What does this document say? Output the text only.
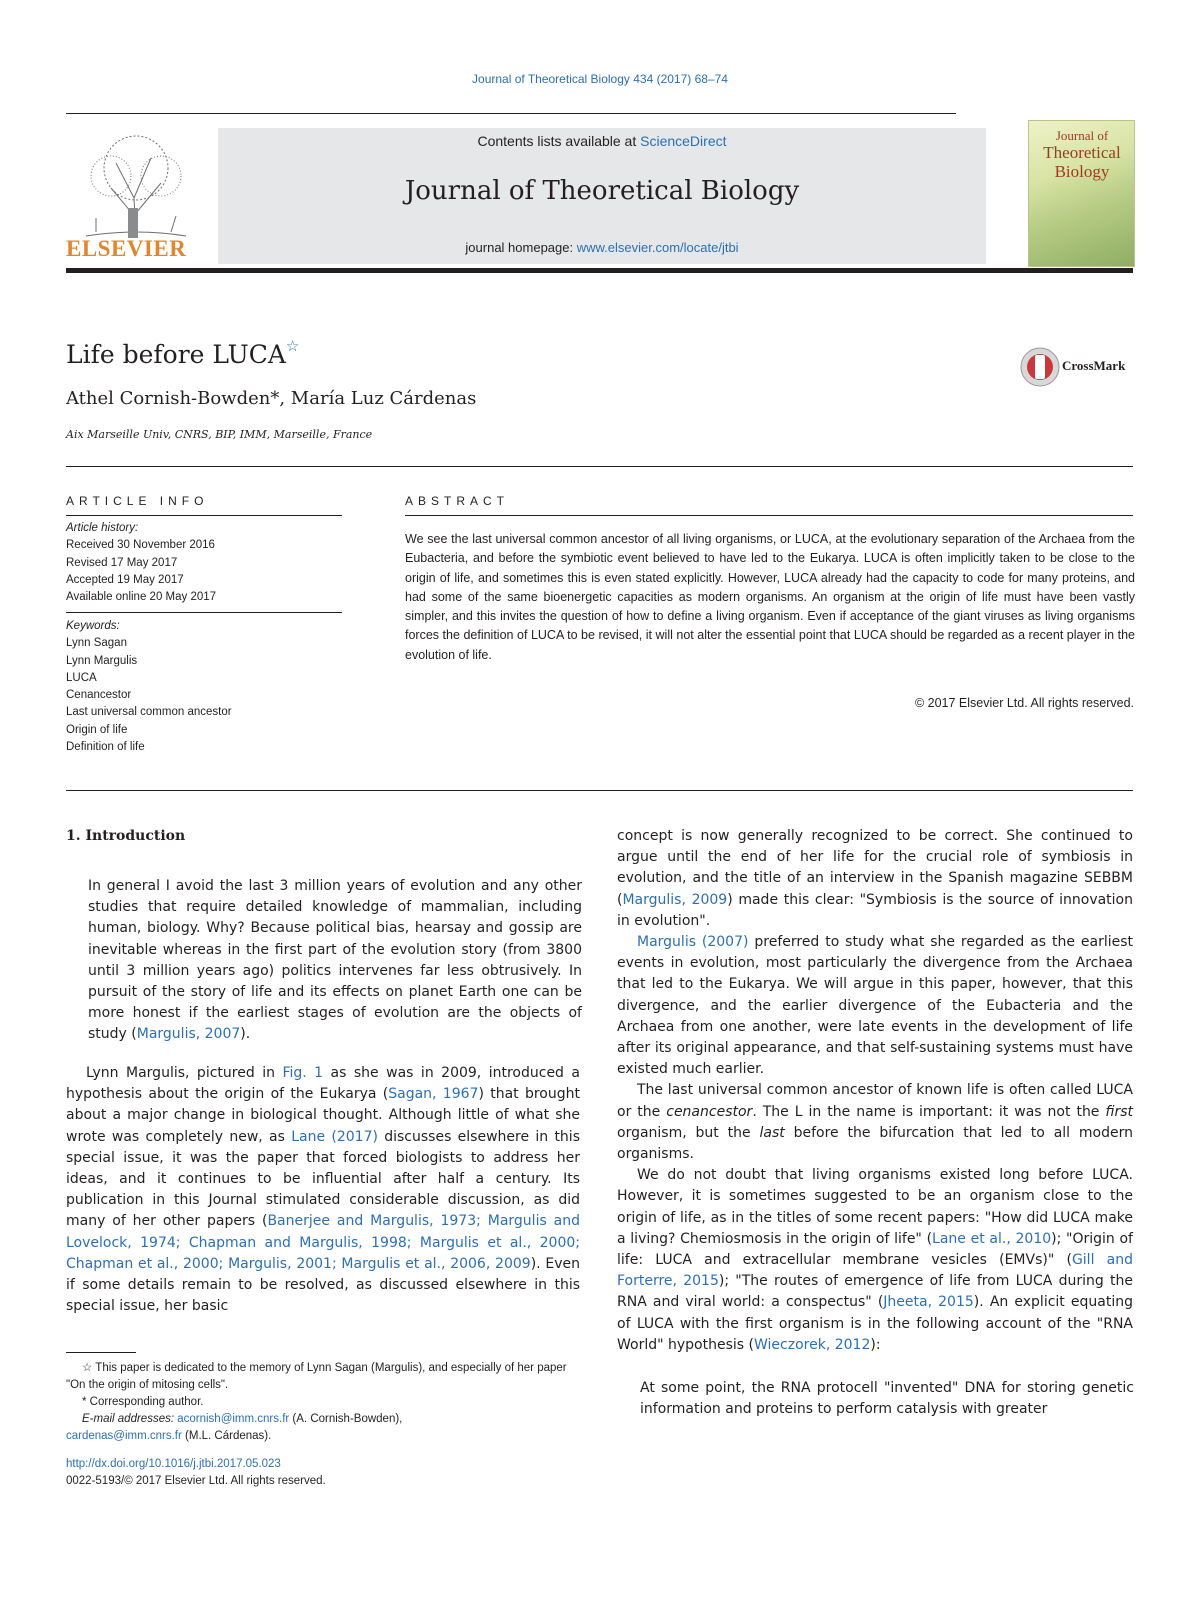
Journal of Theoretical Biology 434 (2017) 68–74
ELSEVIER
Contents lists available at ScienceDirect
Journal of Theoretical Biology
journal homepage: www.elsevier.com/locate/jtbi
Journal of
Theoretical
Biology
Life before LUCA☆
CrossMark
Athel Cornish-Bowden*, María Luz Cárdenas
Aix Marseille Univ, CNRS, BIP, IMM, Marseille, France
ARTICLE INFO
Article history:
Received 30 November 2016
Revised 17 May 2017
Accepted 19 May 2017
Available online 20 May 2017
Keywords:
Lynn Sagan
Lynn Margulis
LUCA
Cenancestor
Last universal common ancestor
Origin of life
Definition of life
ABSTRACT
We see the last universal common ancestor of all living organisms, or LUCA, at the evolutionary separation of the Archaea from the Eubacteria, and before the symbiotic event believed to have led to the Eukarya. LUCA is often implicitly taken to be close to the origin of life, and sometimes this is even stated explicitly. However, LUCA already had the capacity to code for many proteins, and had some of the same bioenergetic capacities as modern organisms. An organism at the origin of life must have been vastly simpler, and this invites the question of how to define a living organism. Even if acceptance of the giant viruses as living organisms forces the definition of LUCA to be revised, it will not alter the essential point that LUCA should be regarded as a recent player in the evolution of life.
© 2017 Elsevier Ltd. All rights reserved.
1. Introduction
In general I avoid the last 3 million years of evolution and any other studies that require detailed knowledge of mammalian, including human, biology. Why? Because political bias, hearsay and gossip are inevitable whereas in the first part of the evolution story (from 3800 until 3 million years ago) politics intervenes far less obtrusively. In pursuit of the story of life and its effects on planet Earth one can be more honest if the earliest stages of evolution are the objects of study (Margulis, 2007).

Lynn Margulis, pictured in Fig. 1 as she was in 2009, introduced a hypothesis about the origin of the Eukarya (Sagan, 1967) that brought about a major change in biological thought. Although little of what she wrote was completely new, as Lane (2017) discusses elsewhere in this special issue, it was the paper that forced biologists to address her ideas, and it continues to be influential after half a century. Its publication in this Journal stimulated considerable discussion, as did many of her other papers (Banerjee and Margulis, 1973; Margulis and Lovelock, 1974; Chapman and Margulis, 1998; Margulis et al., 2000; Chapman et al., 2000; Margulis, 2001; Margulis et al., 2006, 2009). Even if some details remain to be resolved, as discussed elsewhere in this special issue, her basic

☆ This paper is dedicated to the memory of Lynn Sagan (Margulis), and especially of her paper "On the origin of mitosing cells".
* Corresponding author.
E-mail addresses: acornish@imm.cnrs.fr (A. Cornish-Bowden),
cardenas@imm.cnrs.fr (M.L. Cárdenas).
http://dx.doi.org/10.1016/j.jtbi.2017.05.023
0022-5193/© 2017 Elsevier Ltd. All rights reserved.

concept is now generally recognized to be correct. She continued to argue until the end of her life for the crucial role of symbiosis in evolution, and the title of an interview in the Spanish magazine SEBBM (Margulis, 2009) made this clear: "Symbiosis is the source of innovation in evolution".

Margulis (2007) preferred to study what she regarded as the earliest events in evolution, most particularly the divergence from the Archaea that led to the Eukarya. We will argue in this paper, however, that this divergence, and the earlier divergence of the Eubacteria and the Archaea from one another, were late events in the development of life after its original appearance, and that self-sustaining systems must have existed much earlier.

The last universal common ancestor of known life is often called LUCA or the cenancestor. The L in the name is important: it was not the first organism, but the last before the bifurcation that led to all modern organisms.

We do not doubt that living organisms existed long before LUCA. However, it is sometimes suggested to be an organism close to the origin of life, as in the titles of some recent papers: "How did LUCA make a living? Chemiosmosis in the origin of life" (Lane et al., 2010); "Origin of life: LUCA and extracellular membrane vesicles (EMVs)" (Gill and Forterre, 2015); "The routes of emergence of life from LUCA during the RNA and viral world: a conspectus" (Jheeta, 2015). An explicit equating of LUCA with the first organism is in the following account of the "RNA World" hypothesis (Wieczorek, 2012):

At some point, the RNA protocell "invented" DNA for storing genetic information and proteins to perform catalysis with greater
